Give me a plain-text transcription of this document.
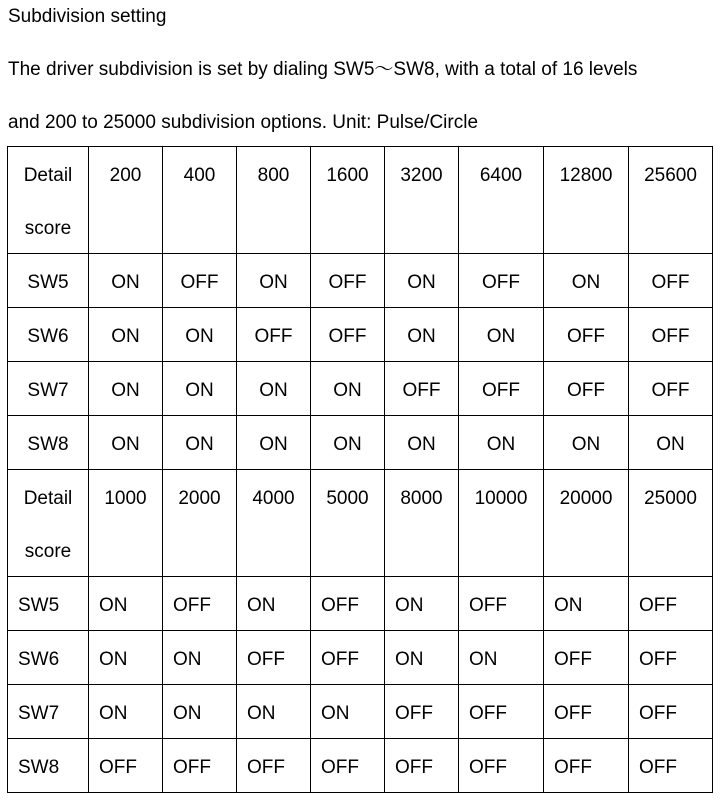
Subdivision setting
The driver subdivision is set by dialing SW5〜SW8, with a total of 16 levels
and 200 to 25000 subdivision options. Unit: Pulse/Circle
Detail
score	200	400	800	1600	3200	6400	12800	25600

SW5	ON	OFF	ON	OFF	ON	OFF	ON	OFF

SW6	ON	ON	OFF	OFF	ON	ON	OFF	OFF

SW7	ON	ON	ON	ON	OFF	OFF	OFF	OFF

SW8	ON	ON	ON	ON	ON	ON	ON	ON

Detail
score	1000	2000	4000	5000	8000	10000	20000	25000

SW5	ON	OFF	ON	OFF	ON	OFF	ON	OFF

SW6	ON	ON	OFF	OFF	ON	ON	OFF	OFF

SW7	ON	ON	ON	ON	OFF	OFF	OFF	OFF

SW8	OFF	OFF	OFF	OFF	OFF	OFF	OFF	OFF
